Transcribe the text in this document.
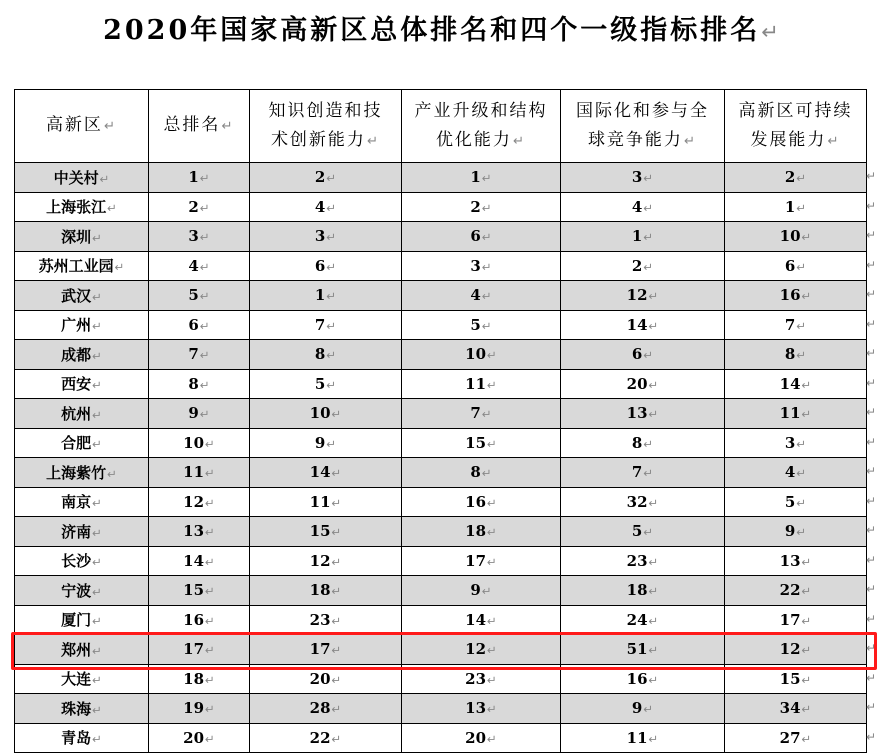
2020年国家高新区总体排名和四个一级指标排名↵
高新区↵	总排名↵	知识创造和技术创新能力↵	产业升级和结构优化能力↵	国际化和参与全球竞争能力↵	高新区可持续发展能力↵
中关村↵	1↵	2↵	1↵	3↵	2↵
上海张江↵	2↵	4↵	2↵	4↵	1↵
深圳↵	3↵	3↵	6↵	1↵	10↵
苏州工业园↵	4↵	6↵	3↵	2↵	6↵
武汉↵	5↵	1↵	4↵	12↵	16↵
广州↵	6↵	7↵	5↵	14↵	7↵
成都↵	7↵	8↵	10↵	6↵	8↵
西安↵	8↵	5↵	11↵	20↵	14↵
杭州↵	9↵	10↵	7↵	13↵	11↵
合肥↵	10↵	9↵	15↵	8↵	3↵
上海紫竹↵	11↵	14↵	8↵	7↵	4↵
南京↵	12↵	11↵	16↵	32↵	5↵
济南↵	13↵	15↵	18↵	5↵	9↵
长沙↵	14↵	12↵	17↵	23↵	13↵
宁波↵	15↵	18↵	9↵	18↵	22↵
厦门↵	16↵	23↵	14↵	24↵	17↵
郑州↵	17↵	17↵	12↵	51↵	12↵
大连↵	18↵	20↵	23↵	16↵	15↵
珠海↵	19↵	28↵	13↵	9↵	34↵
青岛↵	20↵	22↵	20↵	11↵	27↵
↵
↵
↵
↵
↵
↵
↵
↵
↵
↵
↵
↵
↵
↵
↵
↵
↵
↵
↵
↵
